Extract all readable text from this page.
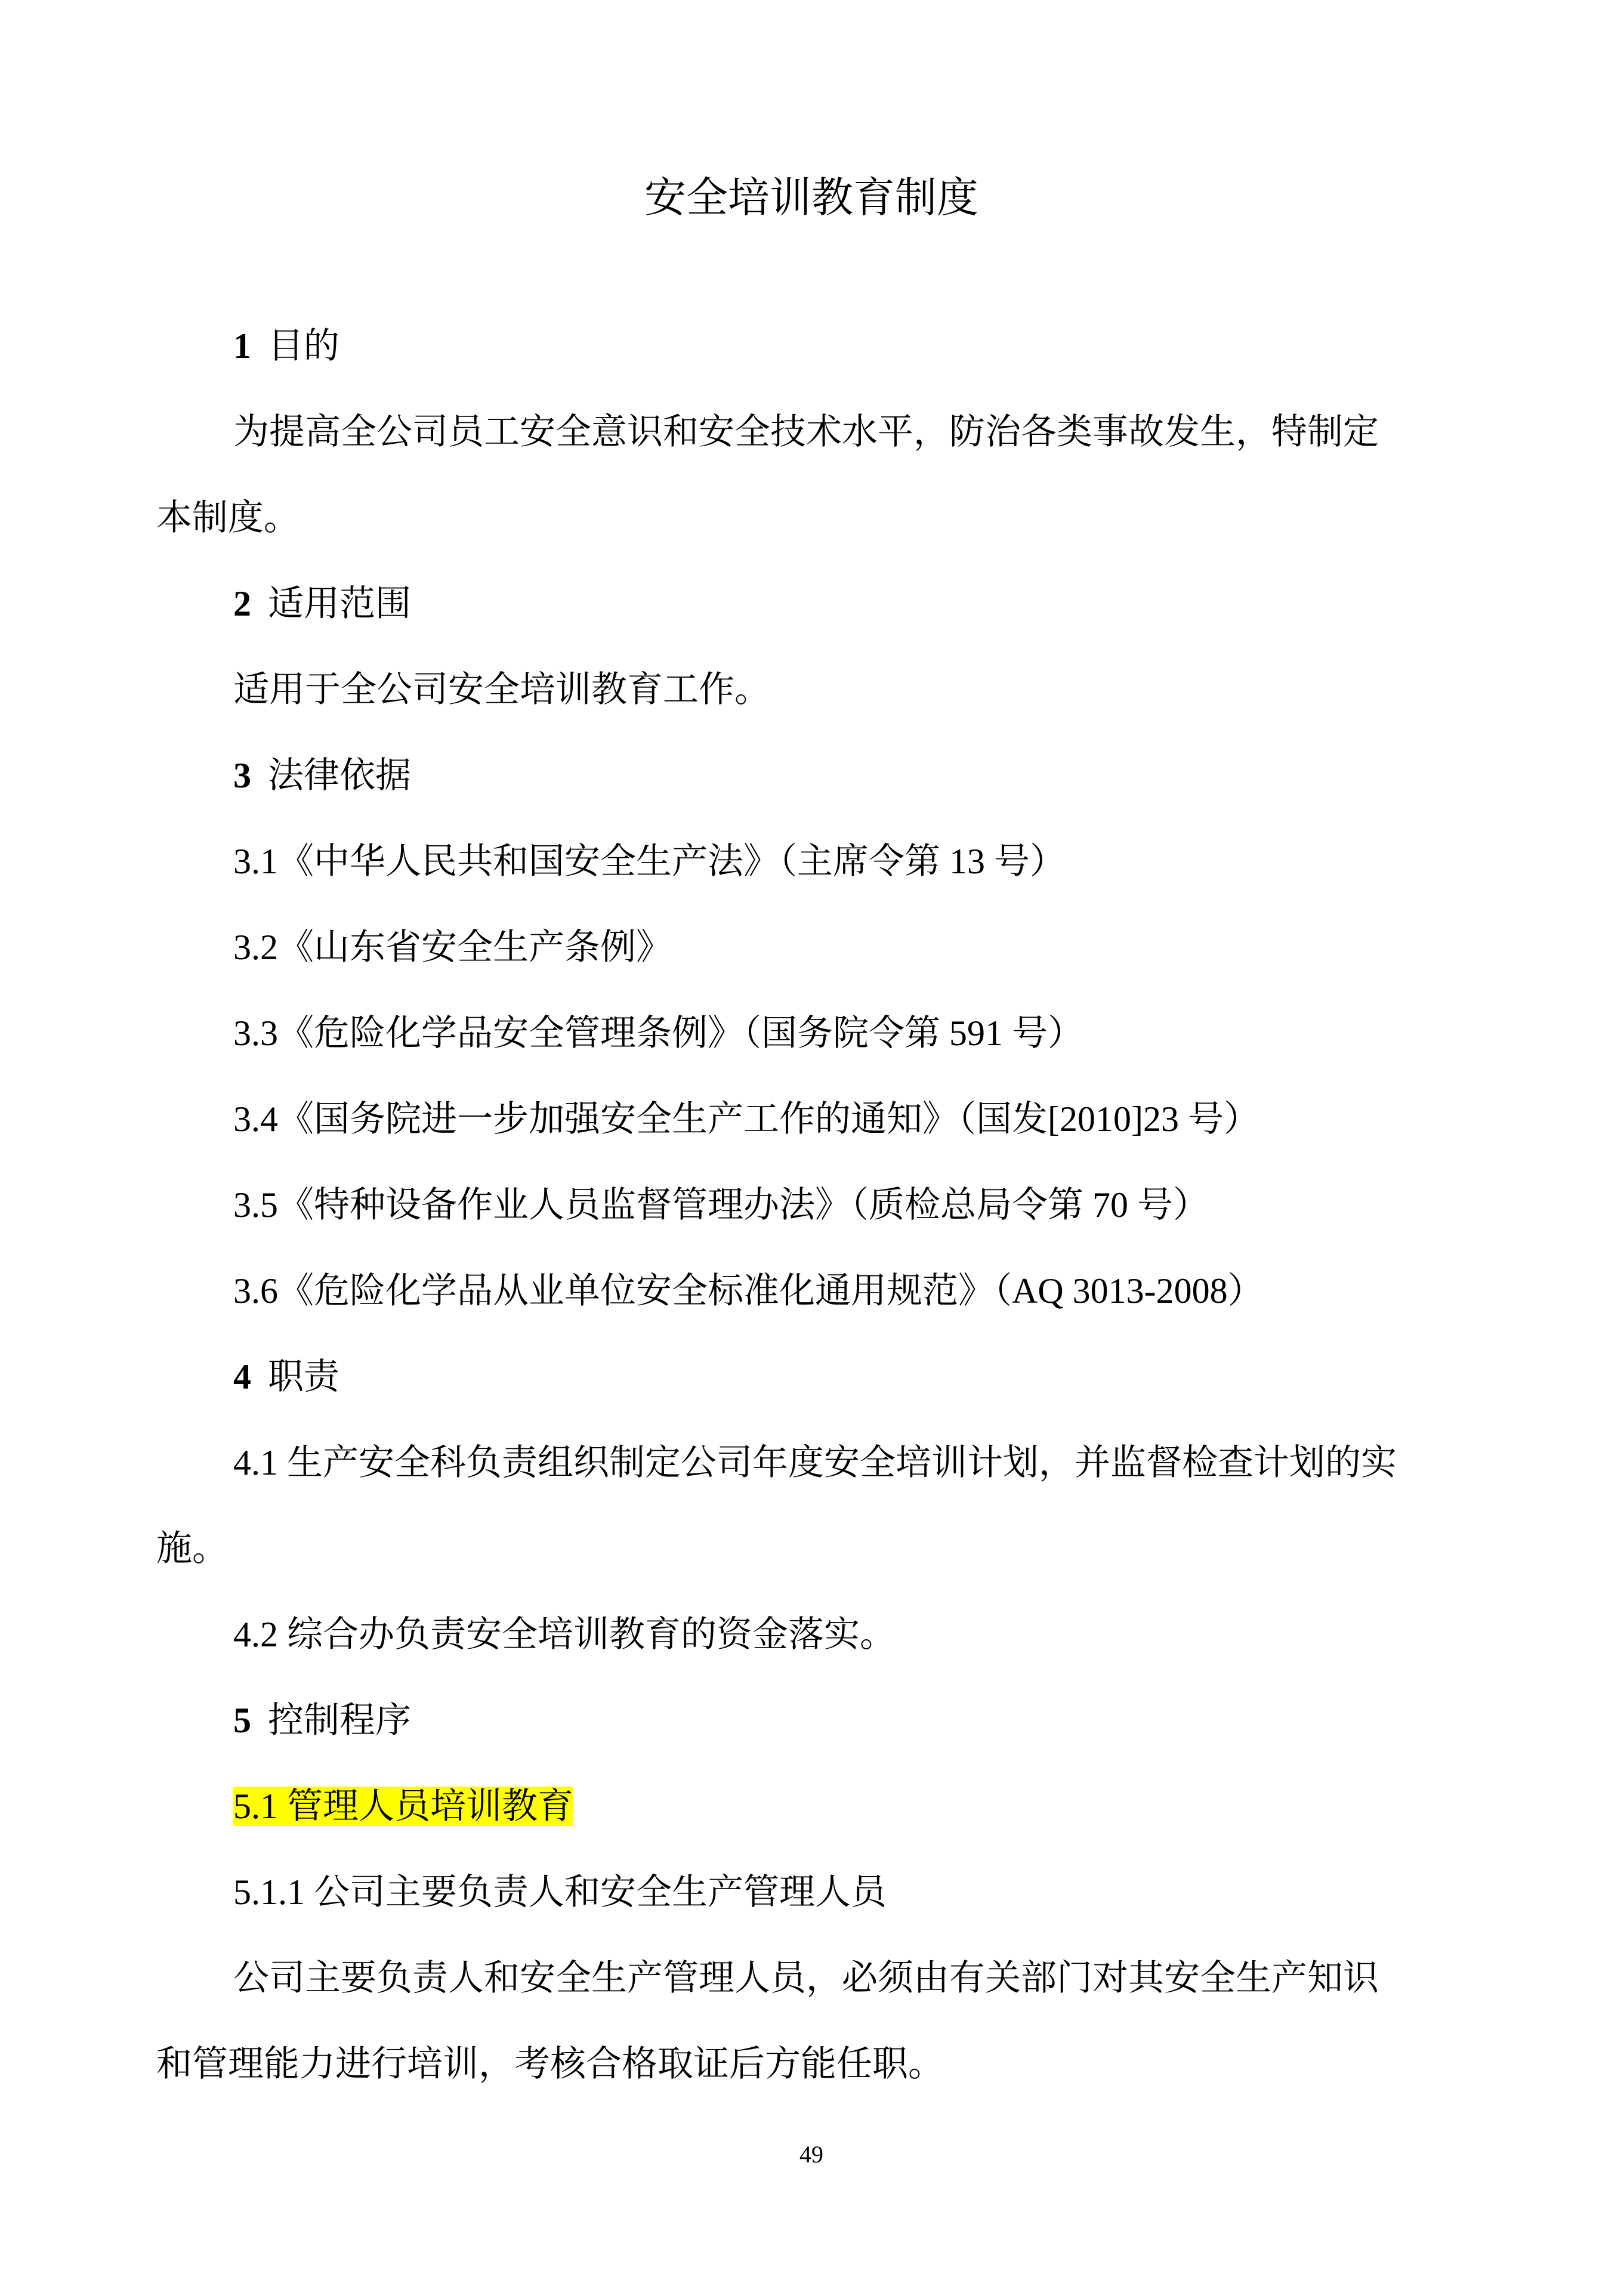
安全培训教育制度
1 目的

为提高全公司员工安全意识和安全技术水平，防治各类事故发生，特制定

本制度。

2 适用范围

适用于全公司安全培训教育工作。

3 法律依据

3.1《中华人民共和国安全生产法》（主席令第 13 号）

3.2《山东省安全生产条例》

3.3《危险化学品安全管理条例》（国务院令第 591 号）

3.4《国务院进一步加强安全生产工作的通知》（国发[2010]23 号）

3.5《特种设备作业人员监督管理办法》（质检总局令第 70 号）

3.6《危险化学品从业单位安全标准化通用规范》（AQ 3013-2008）

4 职责

4.1 生产安全科负责组织制定公司年度安全培训计划，并监督检查计划的实

施。

4.2 综合办负责安全培训教育的资金落实。

5 控制程序
5.1 管理人员培训教育

5.1.1 公司主要负责人和安全生产管理人员

公司主要负责人和安全生产管理人员，必须由有关部门对其安全生产知识

和管理能力进行培训，考核合格取证后方能任职。

49
